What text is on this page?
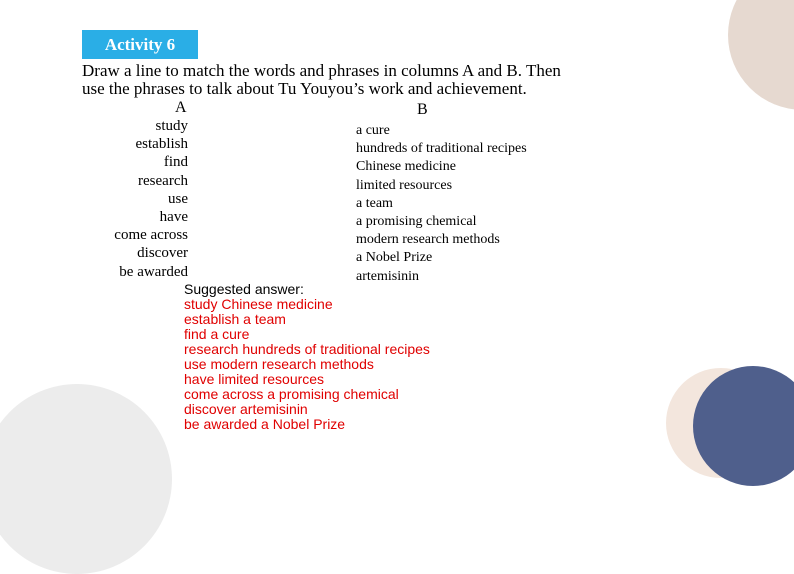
Activity 6
Draw a line to match the words and phrases in columns A and B. Then use the phrases to talk about Tu Youyou’s work and achievement.
A	B
study
establish
find
research
use
have
come across
discover
be awarded
a cure
hundreds of traditional recipes
Chinese medicine
limited resources
a team
a promising chemical
modern research methods
a Nobel Prize
artemisinin
Suggested answer:
study Chinese medicine
establish a team
find a cure
research hundreds of traditional recipes
use modern research methods
have limited resources
come across a promising chemical
discover artemisinin
be awarded a Nobel Prize
